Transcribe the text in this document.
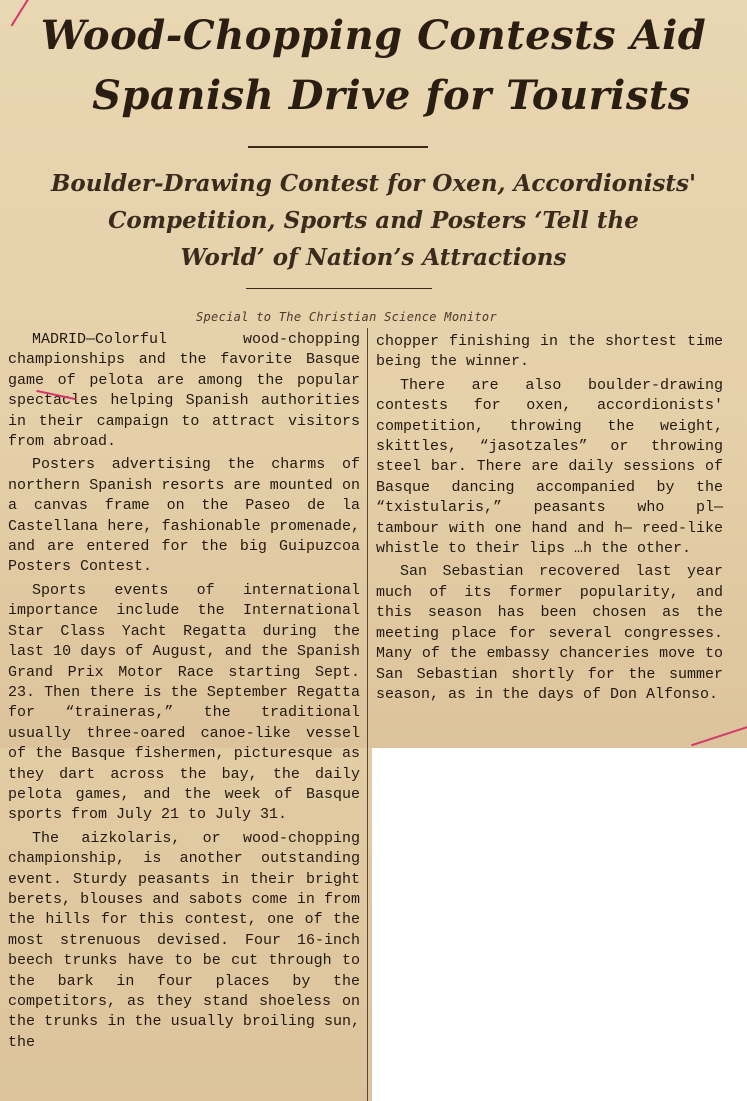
Wood-Chopping Contests Aid
Spanish Drive for Tourists

Boulder-Drawing Contest for Oxen, Accordionists'

Competition, Sports and Posters ‘Tell the

World’ of Nation’s Attractions

Special to The Christian Science Monitor

MADRID—Colorful wood-chopping championships and the favorite Basque game of pelota are among the popular spectacles helping Spanish authorities in their campaign to attract visitors from abroad.

Posters advertising the charms of northern Spanish resorts are mounted on a canvas frame on the Paseo de la Castellana here, fashionable promenade, and are entered for the big Guipuzcoa Posters Contest.

Sports events of international importance include the International Star Class Yacht Regatta during the last 10 days of August, and the Spanish Grand Prix Motor Race starting Sept. 23. Then there is the September Regatta for “traineras,” the traditional usually three-oared canoe-like vessel of the Basque fishermen, picturesque as they dart across the bay, the daily pelota games, and the week of Basque sports from July 21 to July 31.

The aizkolaris, or wood-chopping championship, is another outstanding event. Sturdy peasants in their bright berets, blouses and sabots come in from the hills for this contest, one of the most strenuous devised. Four 16-inch beech trunks have to be cut through to the bark in four places by the competitors, as they stand shoeless on the trunks in the usually broiling sun, the

chopper finishing in the shortest time being the winner.

There are also boulder-drawing contests for oxen, accordionists' competition, throwing the weight, skittles, “jasotzales” or throwing steel bar. There are daily sessions of Basque dancing accompanied by the “txistularis,” peasants who pl— tambour with one hand and h— reed-like whistle to their lips …h the other.

San Sebastian recovered last year much of its former popularity, and this season has been chosen as the meeting place for several congresses. Many of the embassy chanceries move to San Sebastian shortly for the summer season, as in the days of Don Alfonso.
